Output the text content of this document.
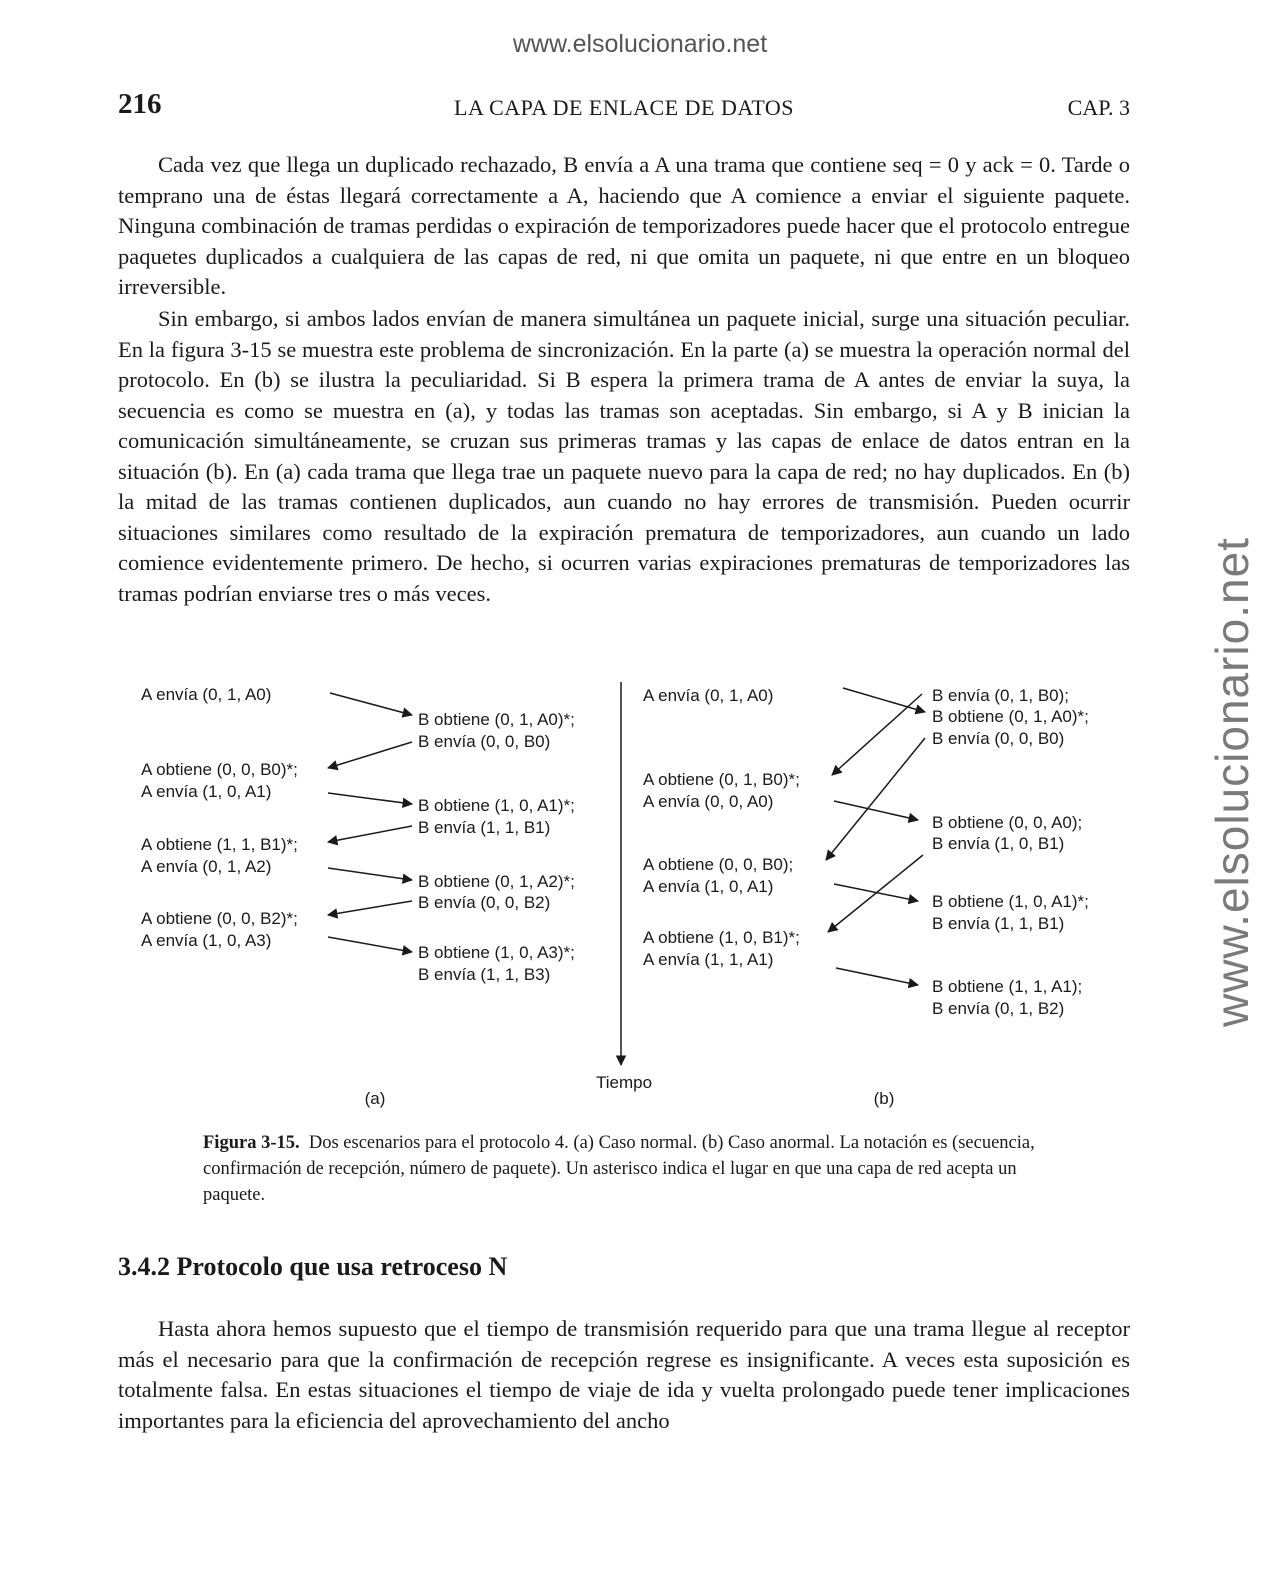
www.elsolucionario.net
www.elsolucionario.net
216	LA CAPA DE ENLACE DE DATOS	CAP. 3

Cada vez que llega un duplicado rechazado, B envía a A una trama que contiene seq = 0 y ack = 0. Tarde o temprano una de éstas llegará correctamente a A, haciendo que A comience a enviar el siguiente paquete. Ninguna combinación de tramas perdidas o expiración de temporizadores puede hacer que el protocolo entregue paquetes duplicados a cualquiera de las capas de red, ni que omita un paquete, ni que entre en un bloqueo irreversible.

Sin embargo, si ambos lados envían de manera simultánea un paquete inicial, surge una situación peculiar. En la figura 3-15 se muestra este problema de sincronización. En la parte (a) se muestra la operación normal del protocolo. En (b) se ilustra la peculiaridad. Si B espera la primera trama de A antes de enviar la suya, la secuencia es como se muestra en (a), y todas las tramas son aceptadas. Sin embargo, si A y B inician la comunicación simultáneamente, se cruzan sus primeras tramas y las capas de enlace de datos entran en la situación (b). En (a) cada trama que llega trae un paquete nuevo para la capa de red; no hay duplicados. En (b) la mitad de las tramas contienen duplicados, aun cuando no hay errores de transmisión. Pueden ocurrir situaciones similares como resultado de la expiración prematura de temporizadores, aun cuando un lado comience evidentemente primero. De hecho, si ocurren varias expiraciones prematuras de temporizadores las tramas podrían enviarse tres o más veces.

A envía (0, 1, A0)
A obtiene (0, 0, B0)*;
A envía (1, 0, A1)
A obtiene (1, 1, B1)*;
A envía (0, 1, A2)
A obtiene (0, 0, B2)*;
A envía (1, 0, A3)
B obtiene (0, 1, A0)*;
B envía (0, 0, B0)
B obtiene (1, 0, A1)*;
B envía (1, 1, B1)
B obtiene (0, 1, A2)*;
B envía (0, 0, B2)
B obtiene (1, 0, A3)*;
B envía (1, 1, B3)
Tiempo
A envía (0, 1, A0)
A obtiene (0, 1, B0)*;
A envía (0, 0, A0)
A obtiene (0, 0, B0);
A envía (1, 0, A1)
A obtiene (1, 0, B1)*;
A envía (1, 1, A1)
B envía (0, 1, B0);
B obtiene (0, 1, A0)*;
B envía (0, 0, B0)
B obtiene (0, 0, A0);
B envía (1, 0, B1)
B obtiene (1, 0, A1)*;
B envía (1, 1, B1)
B obtiene (1, 1, A1);
B envía (0, 1, B2)
(a)	(b)

Figura 3-15. Dos escenarios para el protocolo 4. (a) Caso normal. (b) Caso anormal. La notación es (secuencia, confirmación de recepción, número de paquete). Un asterisco indica el lugar en que una capa de red acepta un paquete.

3.4.2 Protocolo que usa retroceso N

Hasta ahora hemos supuesto que el tiempo de transmisión requerido para que una trama llegue al receptor más el necesario para que la confirmación de recepción regrese es insignificante. A veces esta suposición es totalmente falsa. En estas situaciones el tiempo de viaje de ida y vuelta prolongado puede tener implicaciones importantes para la eficiencia del aprovechamiento del ancho
